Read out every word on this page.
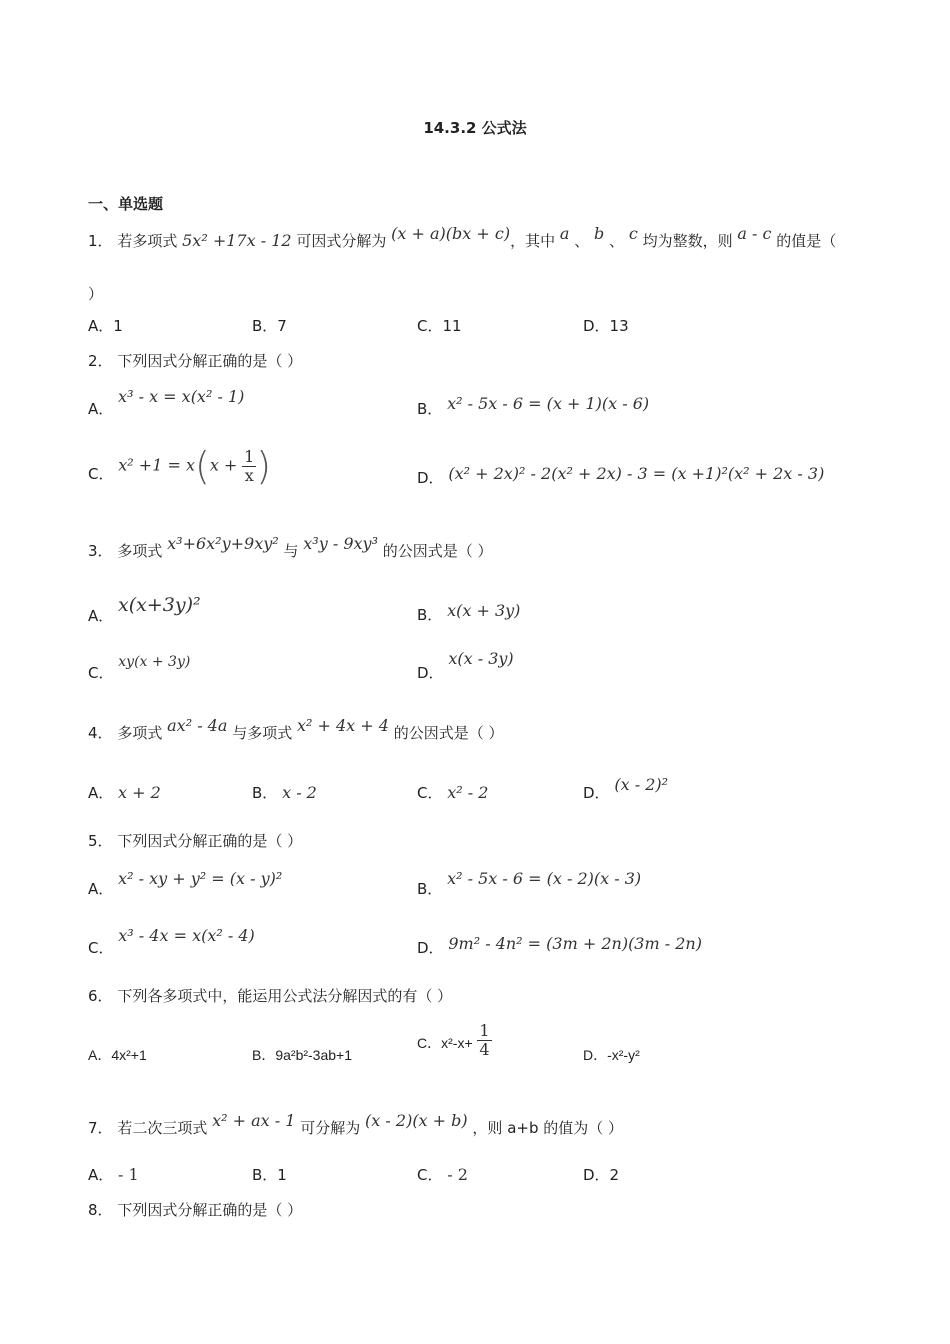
14.3.2 公式法
一、单选题
1． 若多项式 5x² +17x - 12 可因式分解为 (x + a)(bx + c)，其中 a 、 b 、 c 均为整数，则 a - c 的值是（
）
A．1	B．7	C．11	D．13
2． 下列因式分解正确的是（ ）
A． x³ - x = x(x² - 1)
B． x² - 5x - 6 = (x + 1)(x - 6)
C． $x^2 +1 = x(x + \frac{1}{x}$ )	D． (x² + 2x)² - 2(x² + 2x) - 3 = (x +1)²(x² + 2x - 3)
3． 多项式 x³+6x²y+9xy² 与 x³y - 9xy³ 的公因式是（ ）
A． x(x+3y)²	B． x(x + 3y)
C． xy(x + 3y)
D． x(x - 3y)
4． 多项式 ax² - 4a 与多项式 x² + 4x + 4 的公因式是（ ）
A． x + 2	B． x - 2	C． x² - 2	D． (x - 2)²
5． 下列因式分解正确的是（ ）
A． x² - xy + y² = (x - y)²
B． x² - 5x - 6 = (x - 2)(x - 3)
C． x³ - 4x = x(x² - 4)
D． 9m² - 4n² = (3m + 2n)(3m - 2n)
6． 下列各多项式中，能运用公式法分解因式的有（ ）
A．4x²+1	B．9a²b²-3ab+1
C．$x^2-x+ \frac{1}{4}$	D．-x²-y²
7． 若二次三项式 x² + ax - 1 可分解为 (x - 2)(x + b) ，则 a+b 的值为（ ）
A． - 1	B．1	C． - 2	D．2
8． 下列因式分解正确的是（ ）
